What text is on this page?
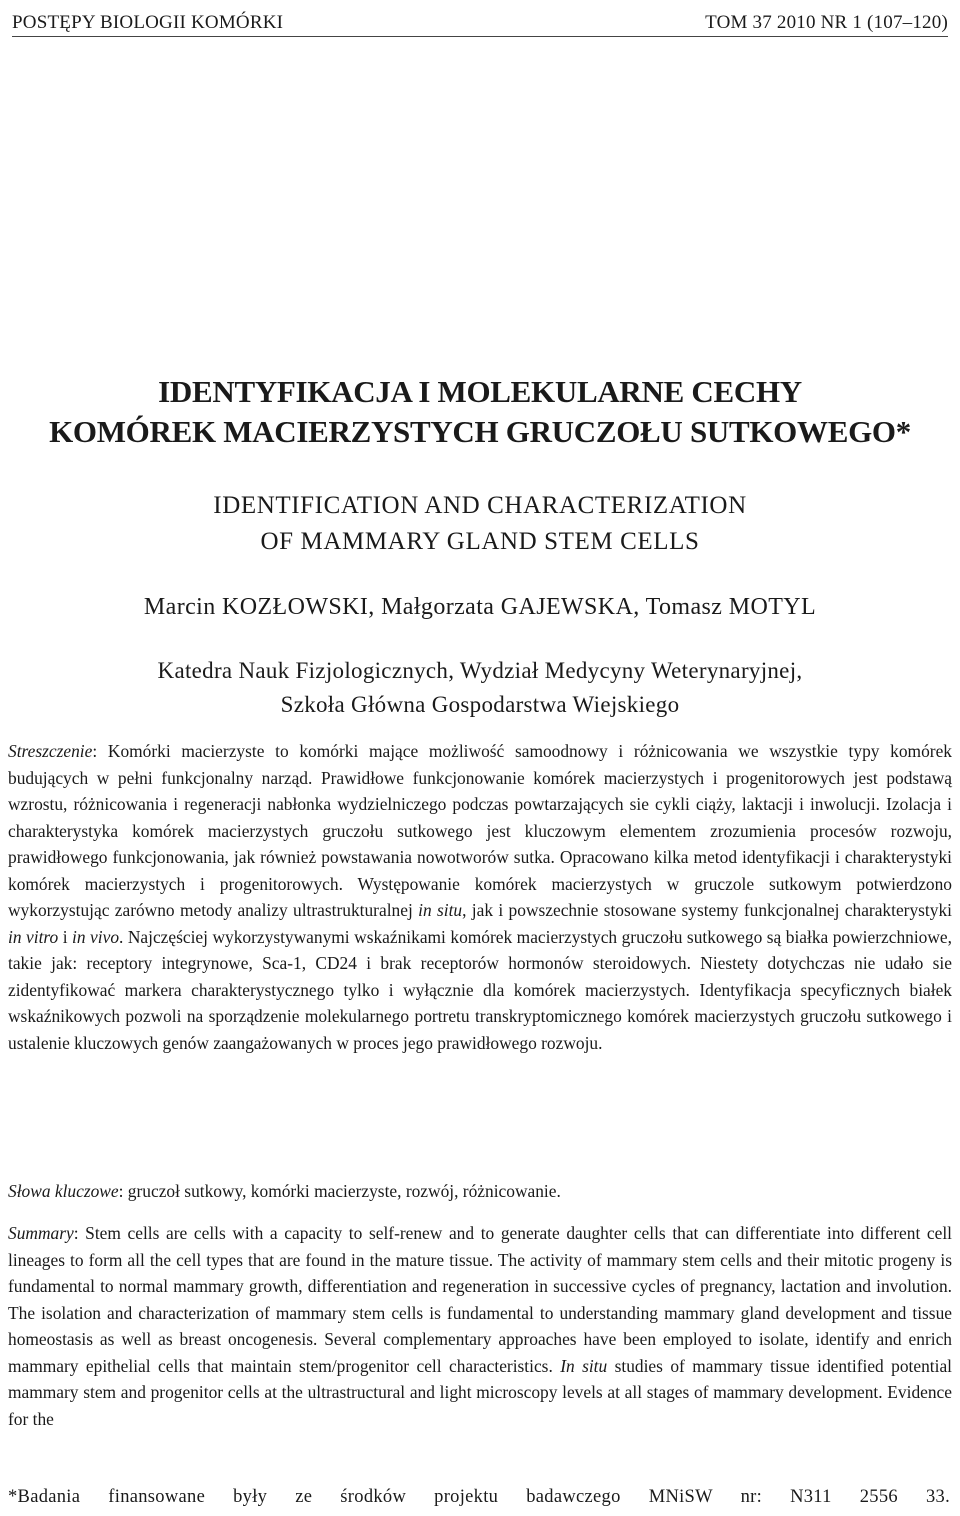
POSTĘPY BIOLOGII KOMÓRKI	TOM 37 2010 NR 1 (107–120)
IDENTYFIKACJA I MOLEKULARNE CECHY
KOMÓREK MACIERZYSTYCH GRUCZOŁU SUTKOWEGO*
IDENTIFICATION AND CHARACTERIZATION
OF MAMMARY GLAND STEM CELLS
Marcin KOZŁOWSKI, Małgorzata GAJEWSKA, Tomasz MOTYL
Katedra Nauk Fizjologicznych, Wydział Medycyny Weterynaryjnej,
Szkoła Główna Gospodarstwa Wiejskiego
Streszczenie: Komórki macierzyste to komórki mające możliwość samoodnowy i różnicowania we wszystkie typy komórek budujących w pełni funkcjonalny narząd. Prawidłowe funkcjonowanie komórek macierzystych i progenitorowych jest podstawą wzrostu, różnicowania i regeneracji nabłonka wydzielniczego podczas powtarzających sie cykli ciąży, laktacji i inwolucji. Izolacja i charakterystyka komórek macierzystych gruczołu sutkowego jest kluczowym elementem zrozumienia procesów rozwoju, prawidłowego funkcjonowania, jak również powstawania nowotworów sutka. Opracowano kilka metod identyfikacji i charakterystyki komórek macierzystych i progenitorowych. Występowanie komórek macierzystych w gruczole sutkowym potwierdzono wykorzystując zarówno metody analizy ultrastrukturalnej in situ, jak i powszechnie stosowane systemy funkcjonalnej charakterystyki in vitro i in vivo. Najczęściej wykorzystywanymi wskaźnikami komórek macierzystych gruczołu sutkowego są białka powierzchniowe, takie jak: receptory integrynowe, Sca-1, CD24 i brak receptorów hormonów steroidowych. Niestety dotychczas nie udało sie zidentyfikować markera charakterystycznego tylko i wyłącznie dla komórek macierzystych. Identyfikacja specyficznych białek wskaźnikowych pozwoli na sporządzenie molekularnego portretu transkryptomicznego komórek macierzystych gruczołu sutkowego i ustalenie kluczowych genów zaangażowanych w proces jego prawidłowego rozwoju.
Słowa kluczowe: gruczoł sutkowy, komórki macierzyste, rozwój, różnicowanie.
Summary: Stem cells are cells with a capacity to self-renew and to generate daughter cells that can differentiate into different cell lineages to form all the cell types that are found in the mature tissue. The activity of mammary stem cells and their mitotic progeny is fundamental to normal mammary growth, differentiation and regeneration in successive cycles of pregnancy, lactation and involution. The isolation and characterization of mammary stem cells is fundamental to understanding mammary gland development and tissue homeostasis as well as breast oncogenesis. Several complementary approaches have been employed to isolate, identify and enrich mammary epithelial cells that maintain stem/progenitor cell characteristics. In situ studies of mammary tissue identified potential mammary stem and progenitor cells at the ultrastructural and light microscopy levels at all stages of mammary development. Evidence for the
*Badania finansowane były ze środków projektu badawczego MNiSW nr: N311 2556 33.
